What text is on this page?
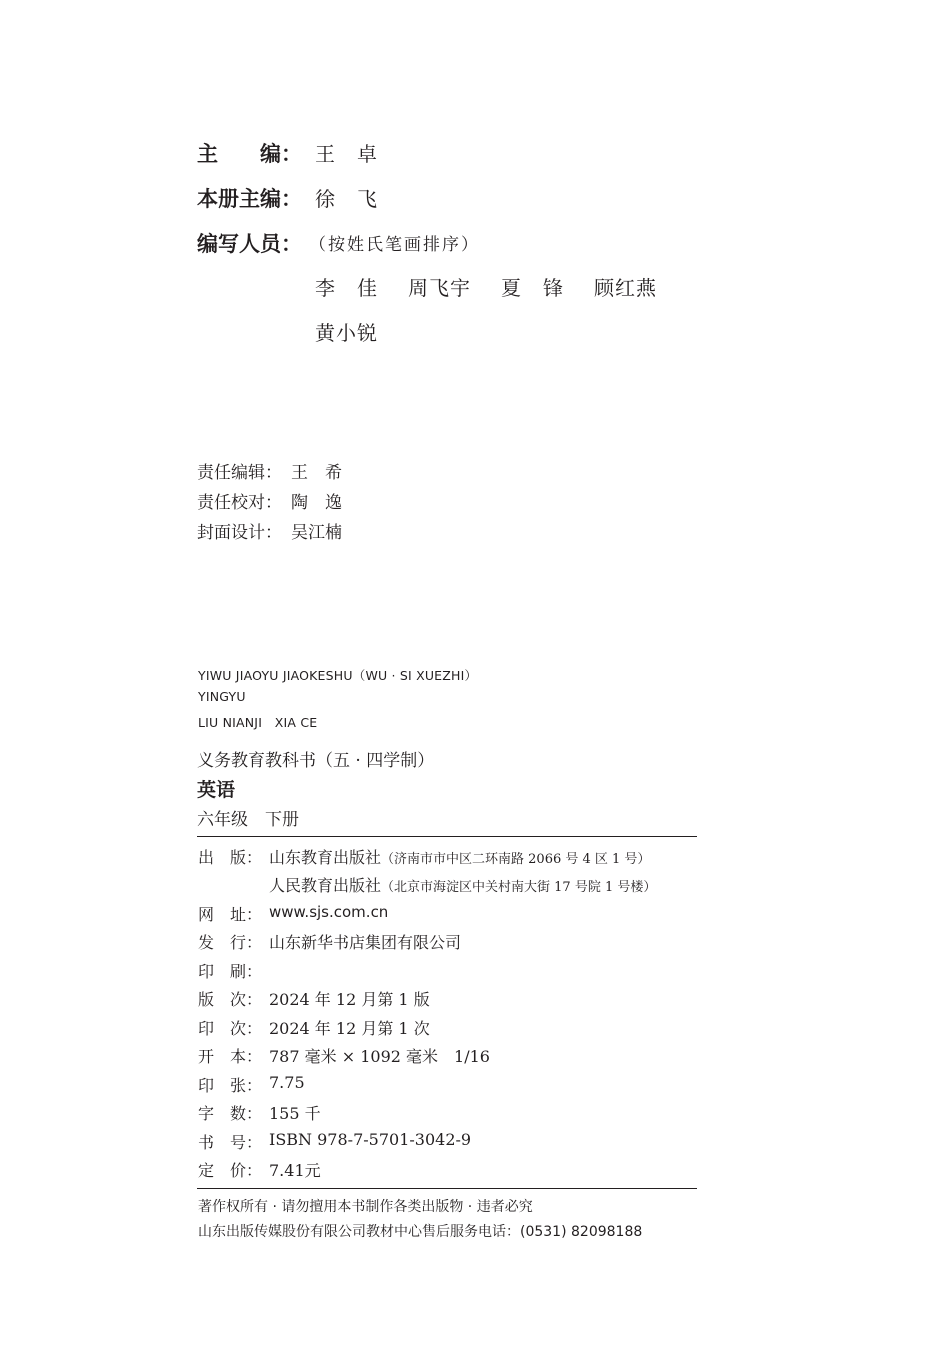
主　　编： 王　卓
本册主编： 徐　飞
编写人员： （按姓氏笔画排序）
李　佳 周飞宇 夏　锋 顾红燕
黄小锐
责任编辑： 王　希
责任校对： 陶　逸
封面设计： 吴江楠
YIWU JIAOYU JIAOKESHU（WU · SI XUEZHI）
YINGYU
LIU NIANJI　XIA CE
义务教育教科书（五 · 四学制）
英语
六年级　下册
出　版： 山东教育出版社（济南市市中区二环南路 2066 号 4 区 1 号）
人民教育出版社（北京市海淀区中关村南大街 17 号院 1 号楼）
网　址： www.sjs.com.cn
发　行： 山东新华书店集团有限公司
印　刷：
版　次： 2024 年 12 月第 1 版
印　次： 2024 年 12 月第 1 次
开　本： 787 毫米 × 1092 毫米　1/16
印　张： 7.75
字　数： 155 千
书　号： ISBN 978-7-5701-3042-9
定　价： 7.41元
著作权所有 · 请勿擅用本书制作各类出版物 · 违者必究
山东出版传媒股份有限公司教材中心售后服务电话：(0531) 82098188
